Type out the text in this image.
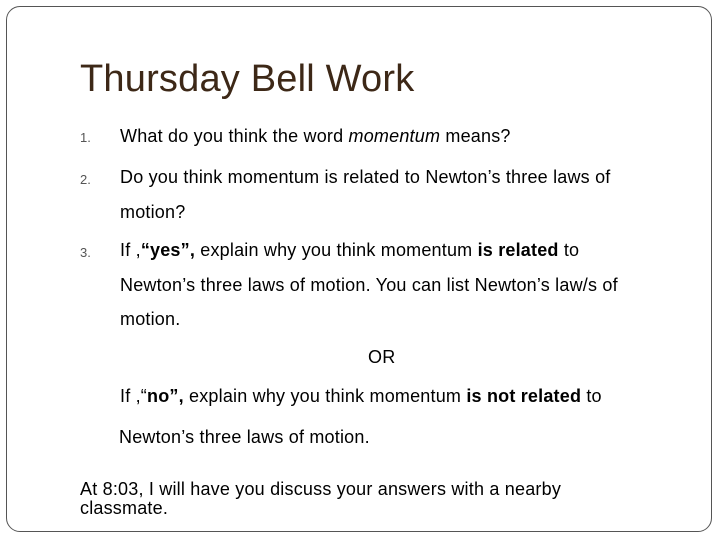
Thursday Bell Work
1. What do you think the word momentum means?
2. Do you think momentum is related to Newton’s three laws of
motion?
3. If ,“yes”, explain why you think momentum is related to
Newton’s three laws of motion. You can list Newton’s law/s of
motion.
OR
If ,“no”, explain why you think momentum is not related to
Newton’s three laws of motion.
At 8:03, I will have you discuss your answers with a nearby classmate.
